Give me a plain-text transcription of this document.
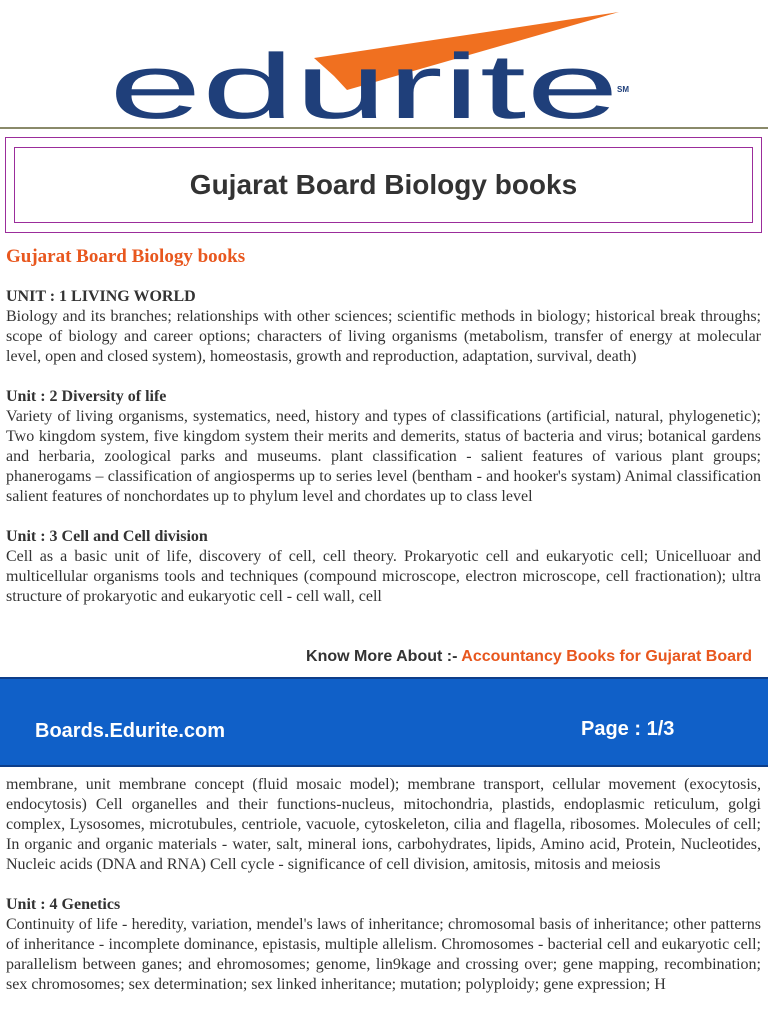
edurite
SM
Gujarat Board Biology books
Gujarat Board Biology books
UNIT : 1 LIVING WORLD

Biology and its branches; relationships with other sciences; scientific methods in biology; historical break throughs; scope of biology and career options; characters of living organisms (metabolism, transfer of energy at molecular level, open and closed system), homeostasis, growth and reproduction, adaptation, survival, death)

Unit : 2 Diversity of life

Variety of living organisms, systematics, need, history and types of classifications (artificial, natural, phylogenetic); Two kingdom system, five kingdom system their merits and demerits, status of bacteria and virus; botanical gardens and herbaria, zoological parks and museums. plant classification - salient features of various plant groups; phanerogams – classification of angiosperms up to series level (bentham - and hooker's systam) Animal classification salient features of nonchordates up to phylum level and chordates up to class level

Unit : 3 Cell and Cell division

Cell as a basic unit of life, discovery of cell, cell theory. Prokaryotic cell and eukaryotic cell; Unicelluoar and multicellular organisms tools and techniques (compound microscope, electron microscope, cell fractionation); ultra structure of prokaryotic and eukaryotic cell - cell wall, cell

Know More About :- Accountancy Books for Gujarat Board
Boards.Edurite.com	Page : 1/3

membrane, unit membrane concept (fluid mosaic model); membrane transport, cellular movement (exocytosis, endocytosis) Cell organelles and their functions-nucleus, mitochondria, plastids, endoplasmic reticulum, golgi complex, Lysosomes, microtubules, centriole, vacuole, cytoskeleton, cilia and flagella, ribosomes. Molecules of cell; In organic and organic materials - water, salt, mineral ions, carbohydrates, lipids, Amino acid, Protein, Nucleotides, Nucleic acids (DNA and RNA) Cell cycle - significance of cell division, amitosis, mitosis and meiosis

Unit : 4 Genetics

Continuity of life - heredity, variation, mendel's laws of inheritance; chromosomal basis of inheritance; other patterns of inheritance - incomplete dominance, epistasis, multiple allelism. Chromosomes - bacterial cell and eukaryotic cell; parallelism between ganes; and ehromosomes; genome, lin9kage and crossing over; gene mapping, recombination; sex chromosomes; sex determination; sex linked inheritance; mutation; polyploidy; gene expression; H
